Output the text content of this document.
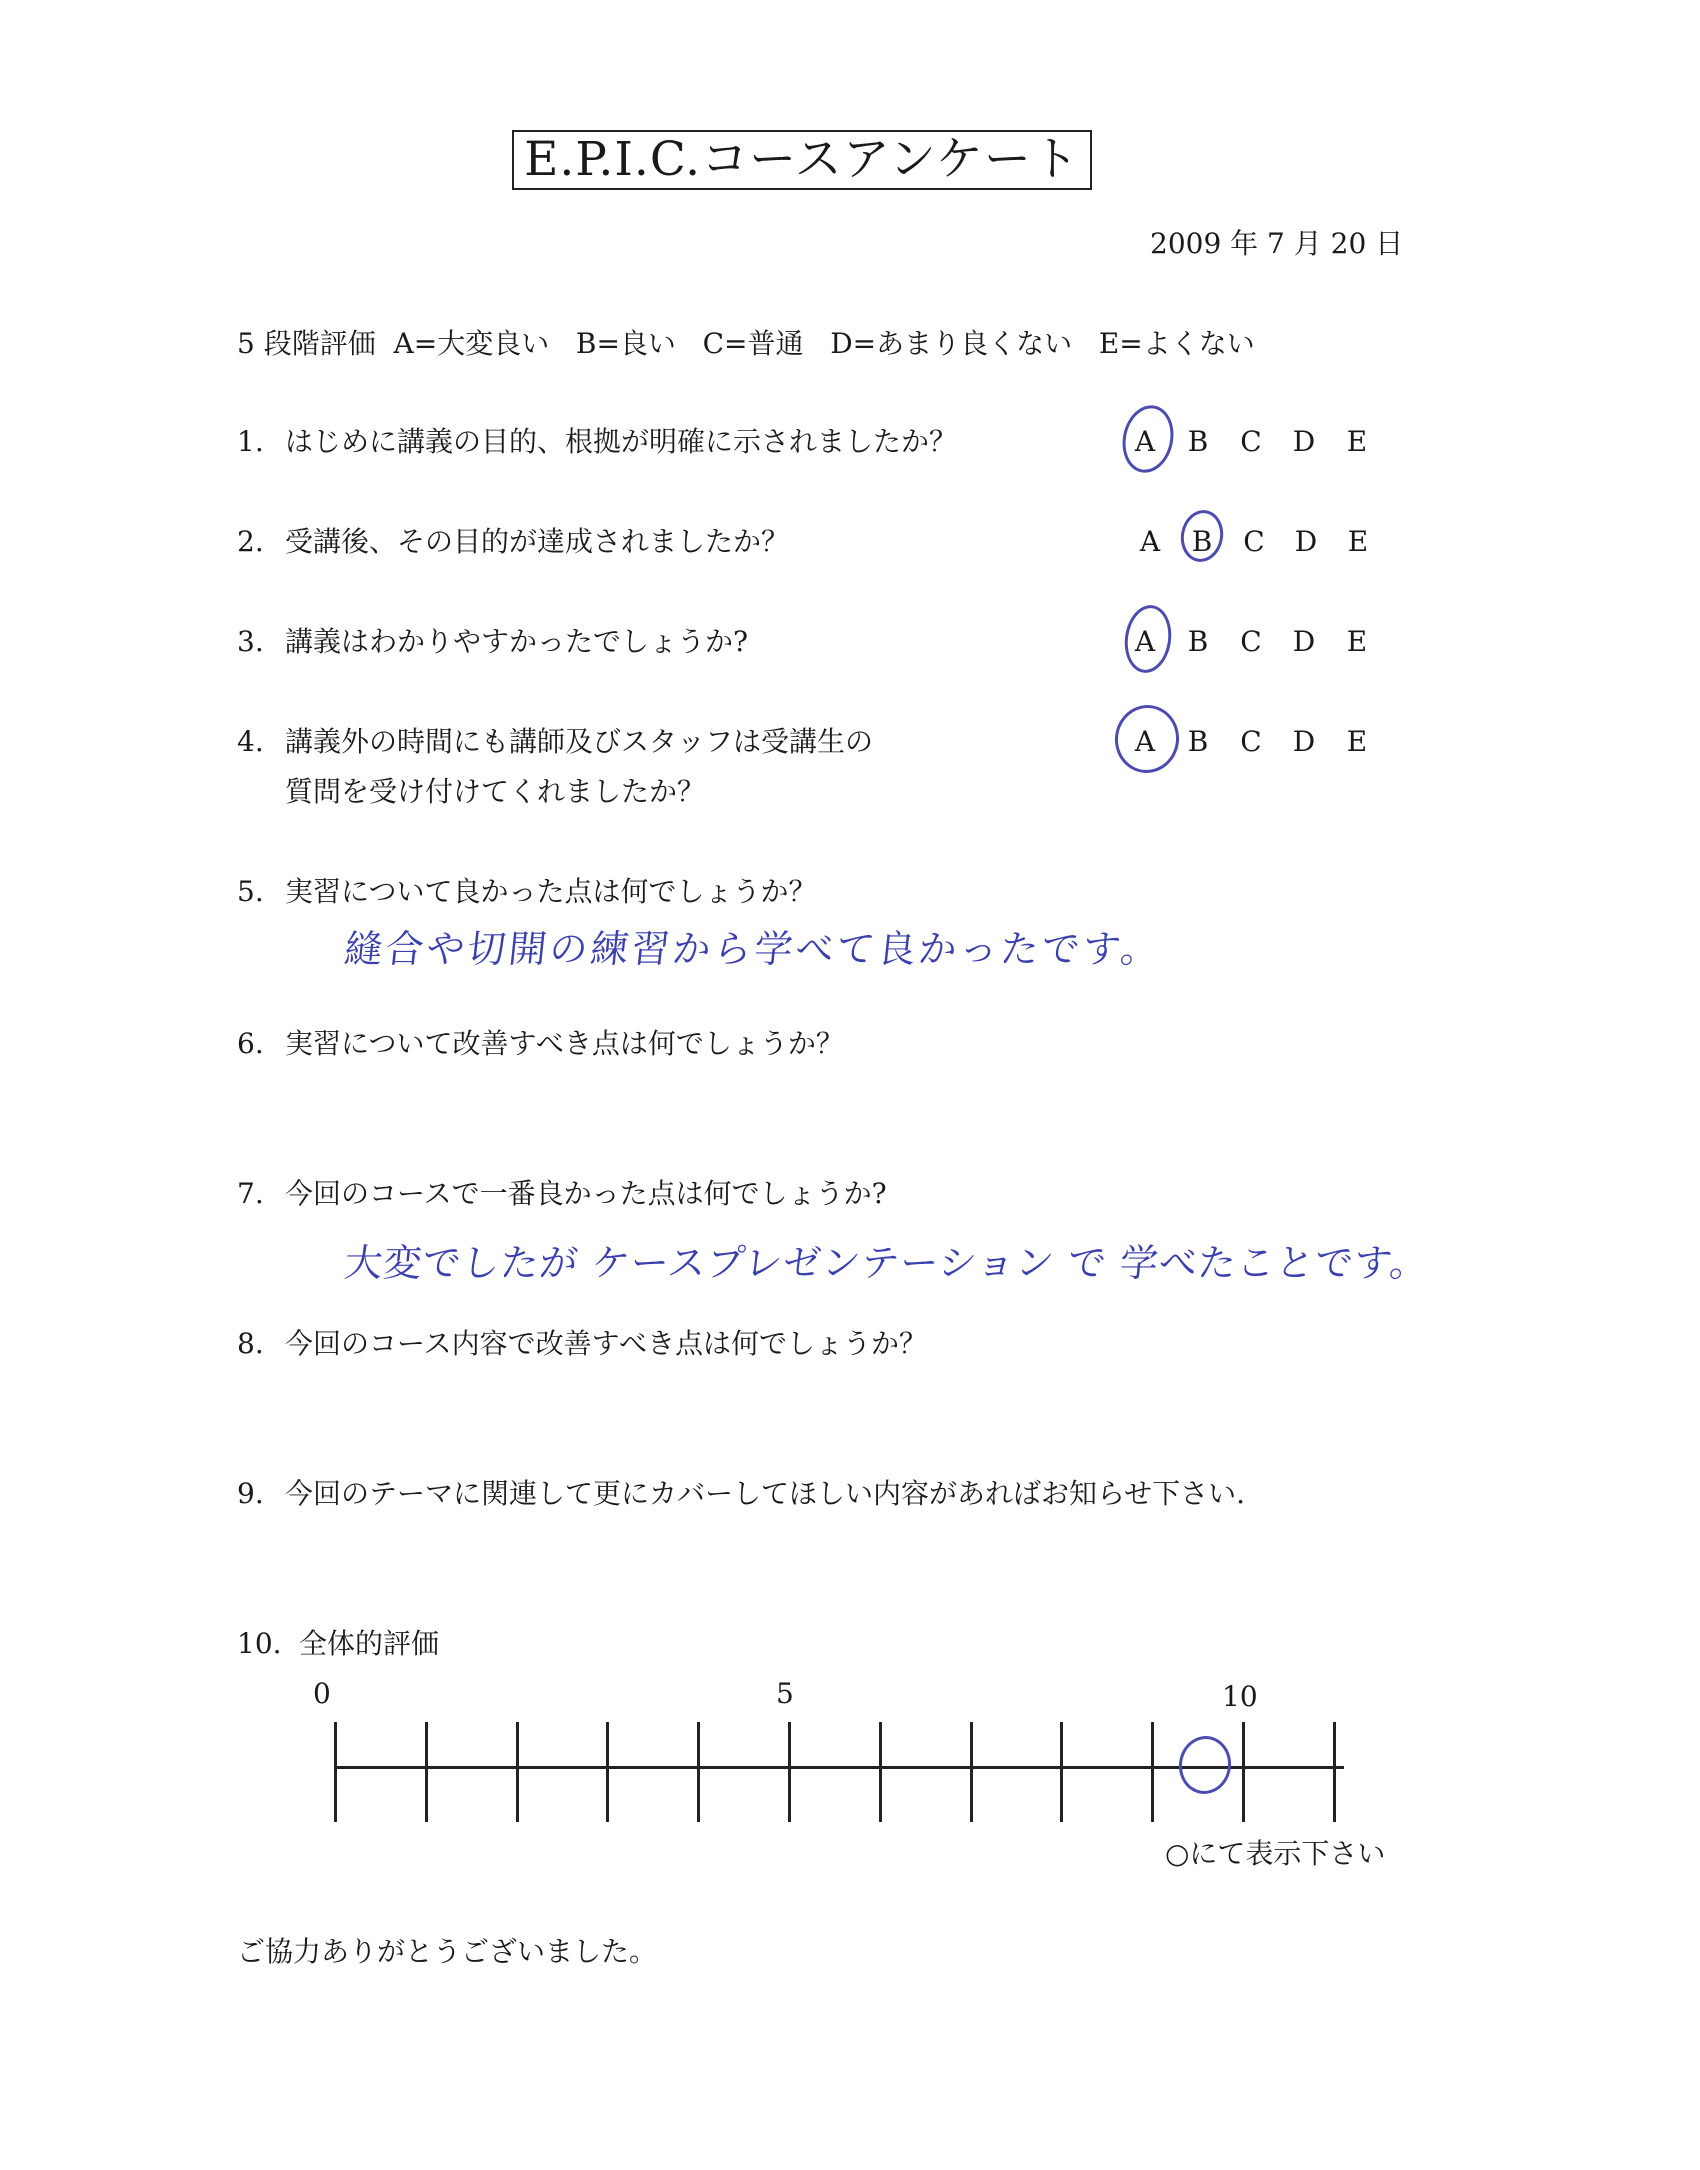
E.P.I.C.コースアンケート
2009 年 7 月 20 日
5 段階評価  A=大変良い   B=良い   C=普通   D=あまり良くない   E=よくない
1. はじめに講義の目的、根拠が明確に示されましたか？	A B C D E
2. 受講後、その目的が達成されましたか？	A B C D E
3. 講義はわかりやすかったでしょうか?	A B C D E
4. 講義外の時間にも講師及びスタッフは受講生の
質問を受け付けてくれましたか？
A B C D E
5. 実習について良かった点は何でしょうか？
縫合や切開の練習から学べて良かったです。
6. 実習について改善すべき点は何でしょうか？
7. 今回のコースで一番良かった点は何でしょうか?
大変でしたが ケースプレゼンテーション で 学べたことです。
8. 今回のコース内容で改善すべき点は何でしょうか？
9. 今回のテーマに関連して更にカバーしてほしい内容があればお知らせ下さい.
10. 全体的評価
0	5	10
○にて表示下さい
ご協力ありがとうございました。
